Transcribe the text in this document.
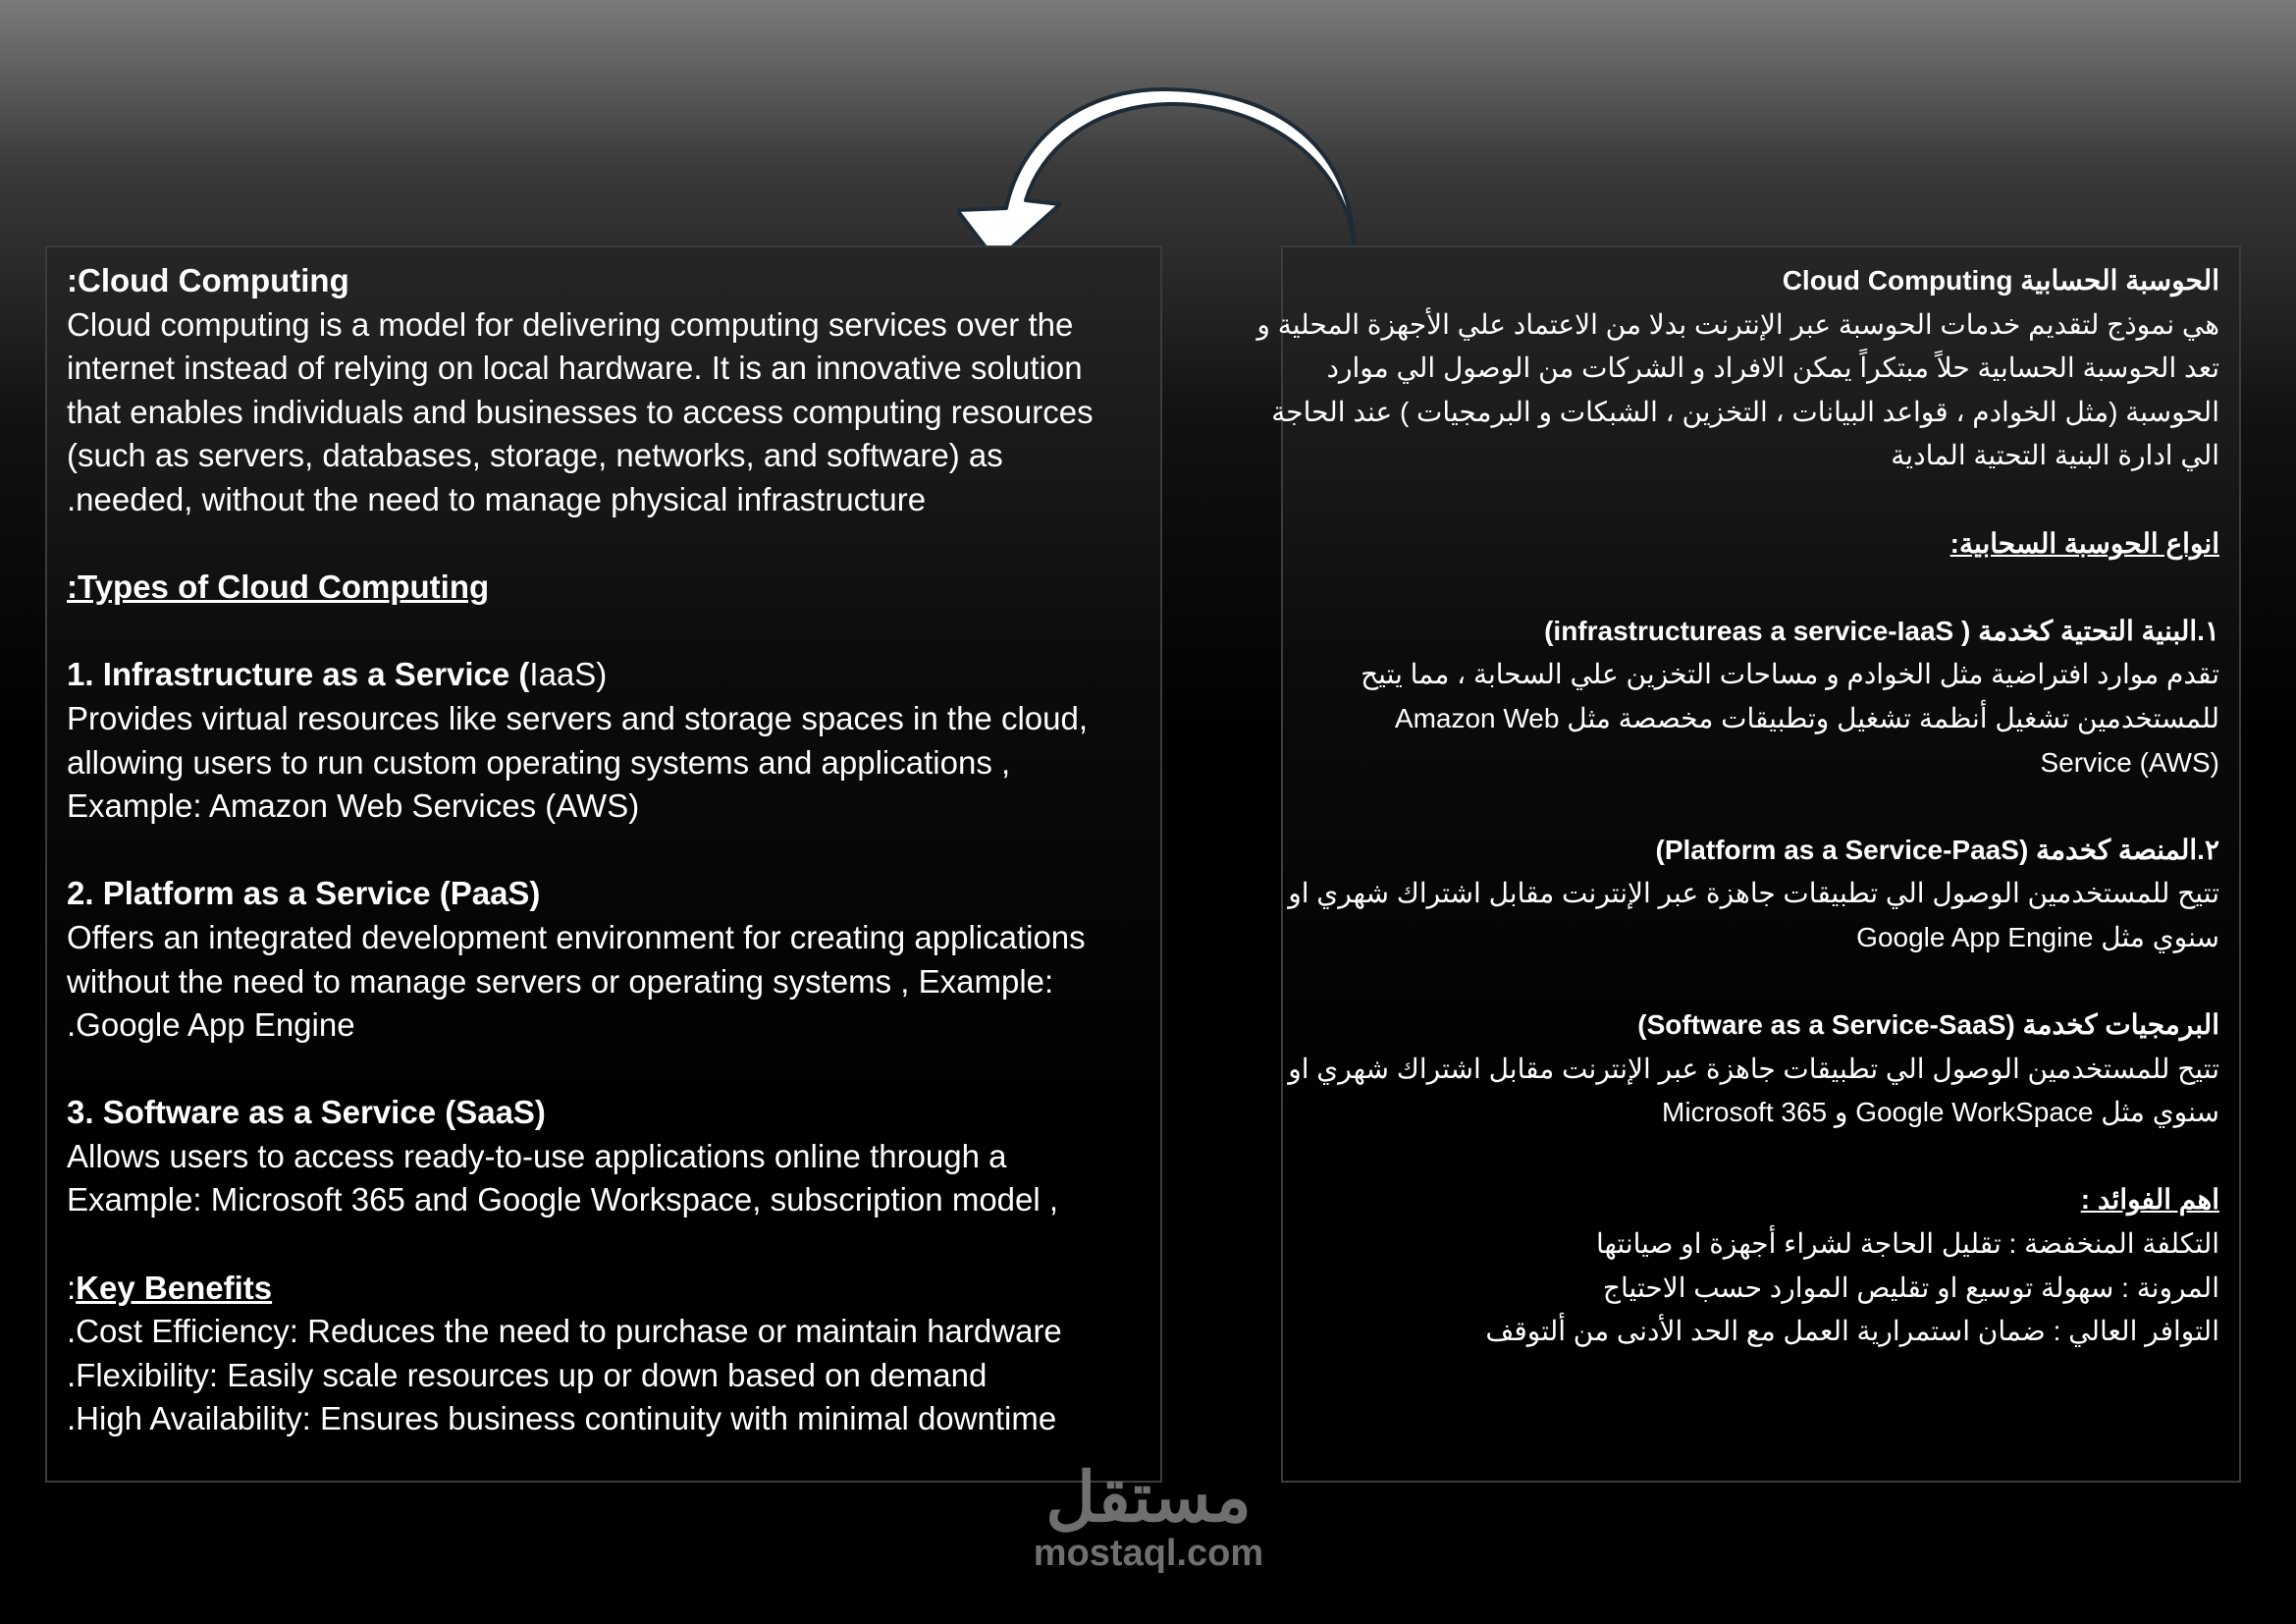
:Cloud Computing
Cloud computing is a model for delivering computing services over the
internet instead of relying on local hardware. It is an innovative solution
that enables individuals and businesses to access computing resources
(such as servers, databases, storage, networks, and software) as
.needed, without the need to manage physical infrastructure
:Types of Cloud Computing
1. Infrastructure as a Service (IaaS)
Provides virtual resources like servers and storage spaces in the cloud,
allowing users to run custom operating systems and applications ,
Example: Amazon Web Services (AWS)
2. Platform as a Service (PaaS)
Offers an integrated development environment for creating applications
without the need to manage servers or operating systems , Example:
.Google App Engine
3. Software as a Service (SaaS)
Allows users to access ready-to-use applications online through a
Example: Microsoft 365 and Google Workspace, subscription model ,
:Key Benefits
.Cost Efficiency: Reduces the need to purchase or maintain hardware
.Flexibility: Easily scale resources up or down based on demand
.High Availability: Ensures business continuity with minimal downtime
الحوسبة الحسابية Cloud Computing
هي نموذج لتقديم خدمات الحوسبة عبر الإنترنت بدلا من الاعتماد علي الأجهزة المحلية و
تعد الحوسبة الحسابية حلاً مبتكراً يمكن الافراد و الشركات من الوصول الي موارد
الحوسبة (مثل الخوادم ، قواعد البيانات ، التخزين ، الشبكات و البرمجيات ) عند الحاجة
الي ادارة البنية التحتية المادية
انواع الحوسبة السحابية:
١.البنية التحتية كخدمة ( infrastructureas a service-IaaS)
تقدم موارد افتراضية مثل الخوادم و مساحات التخزين علي السحابة ، مما يتيح
للمستخدمين تشغيل أنظمة تشغيل وتطبيقات مخصصة مثل Amazon Web
Service (AWS)
٢.المنصة كخدمة (Platform as a Service-PaaS)
تتيح للمستخدمين الوصول الي تطبيقات جاهزة عبر الإنترنت مقابل اشتراك شهري او
سنوي مثل Google App Engine
البرمجيات كخدمة (Software as a Service-SaaS)
تتيح للمستخدمين الوصول الي تطبيقات جاهزة عبر الإنترنت مقابل اشتراك شهري او
سنوي مثل Google WorkSpace و Microsoft 365
اهم الفوائد :
التكلفة المنخفضة : تقليل الحاجة لشراء أجهزة او صيانتها
المرونة : سهولة توسيع او تقليص الموارد حسب الاحتياج
التوافر العالي : ضمان استمرارية العمل مع الحد الأدنى من ألتوقف
مستقل
mostaql.com
